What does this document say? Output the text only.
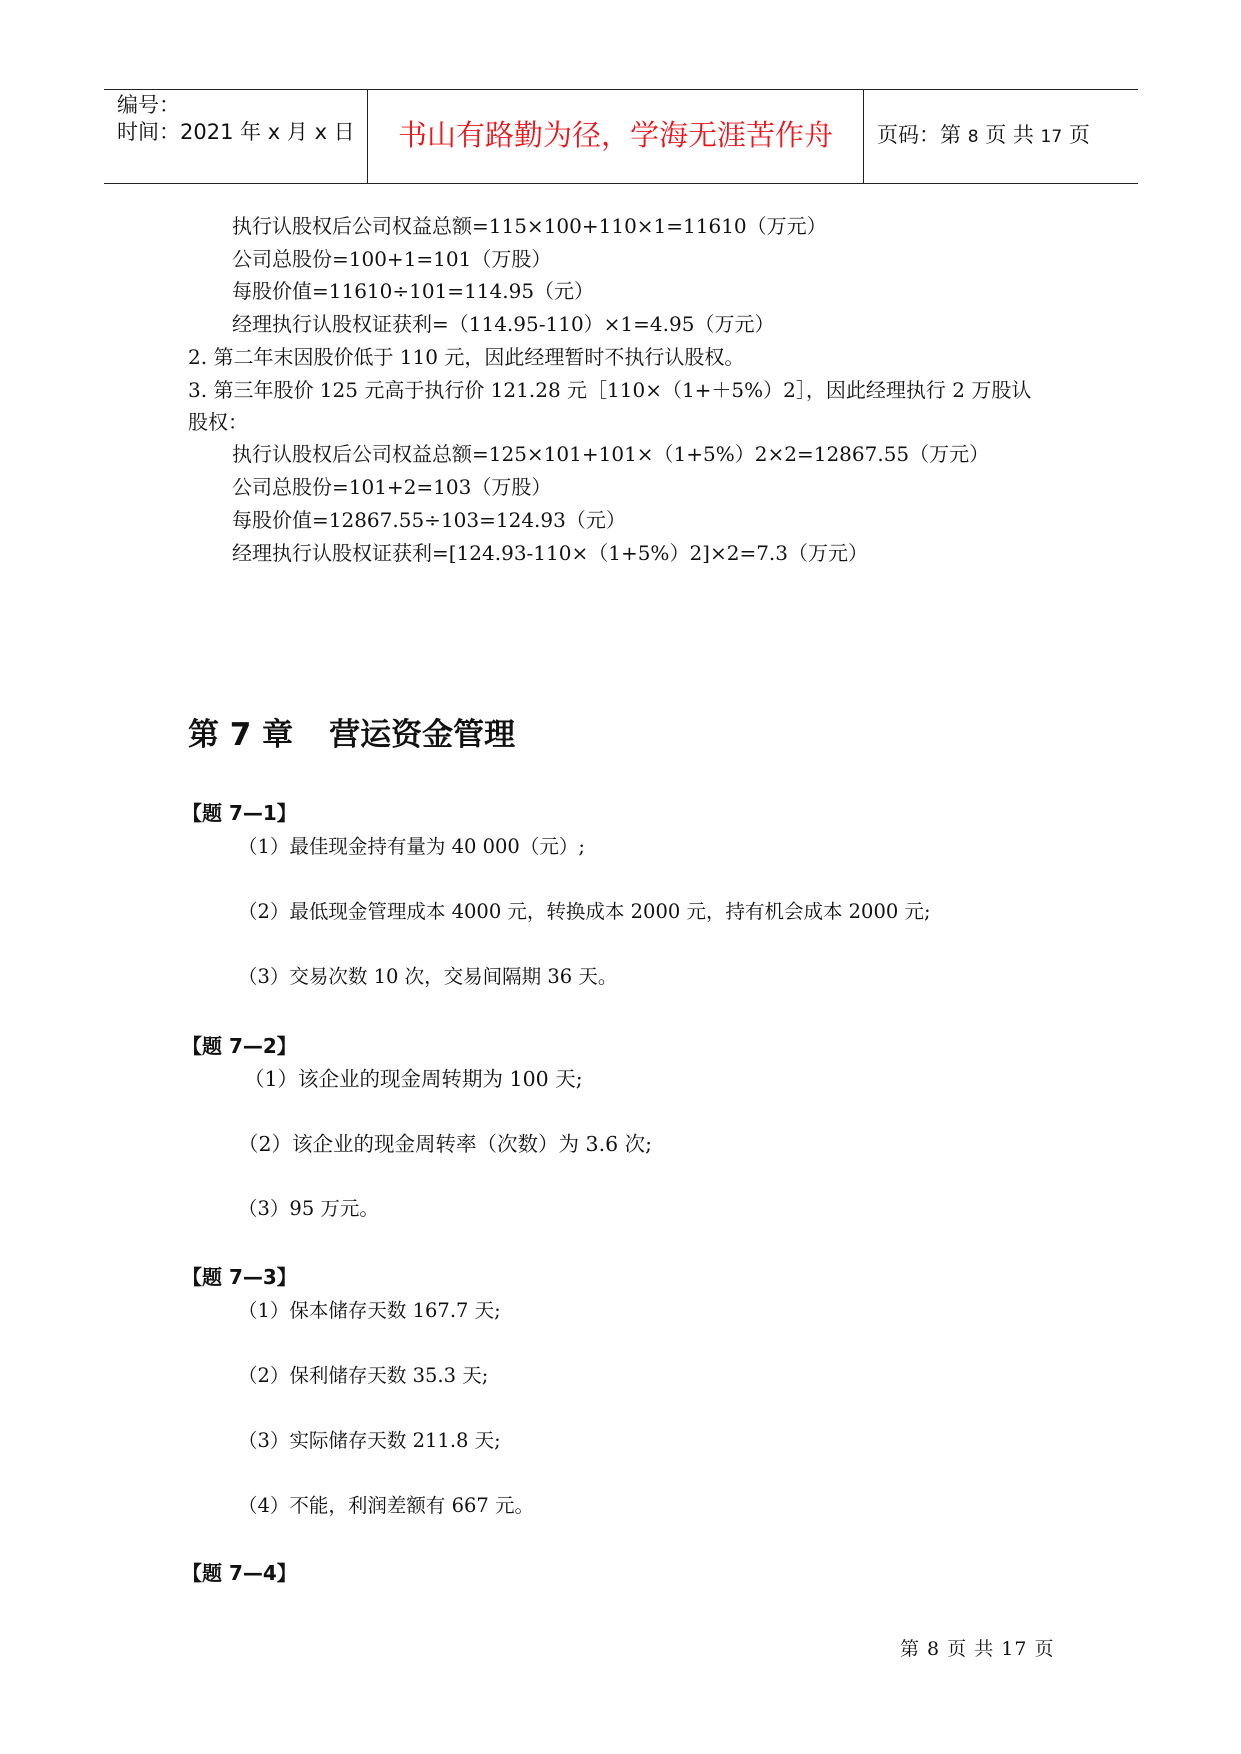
编号：
时间：2021 年 x 月 x 日	书山有路勤为径，学海无涯苦作舟	页码：第 8 页 共 17 页
执行认股权后公司权益总额=115×100+110×1=11610（万元）
公司总股份=100+1=101（万股）
每股价值=11610÷101=114.95（元）
经理执行认股权证获利=（114.95-110）×1=4.95（万元）
2. 第二年末因股价低于 110 元，因此经理暂时不执行认股权。
3. 第三年股价 125 元高于执行价 121.28 元［110×（1+＋5%）2］，因此经理执行 2 万股认
股权：
执行认股权后公司权益总额=125×101+101×（1+5%）2×2=12867.55（万元）
公司总股份=101+2=103（万股）
每股价值=12867.55÷103=124.93（元）
经理执行认股权证获利=[124.93-110×（1+5%）2]×2=7.3（万元）
第 7 章 营运资金管理
【题 7—1】
（1）最佳现金持有量为 40 000（元）;
（2）最低现金管理成本 4000 元，转换成本 2000 元，持有机会成本 2000 元;
（3）交易次数 10 次，交易间隔期 36 天。
【题 7—2】
（1）该企业的现金周转期为 100 天;
（2）该企业的现金周转率（次数）为 3.6 次;
（3）95 万元。
【题 7—3】
（1）保本储存天数 167.7 天;
（2）保利储存天数 35.3 天;
（3）实际储存天数 211.8 天;
（4）不能，利润差额有 667 元。
【题 7—4】
第 8 页 共 17 页
